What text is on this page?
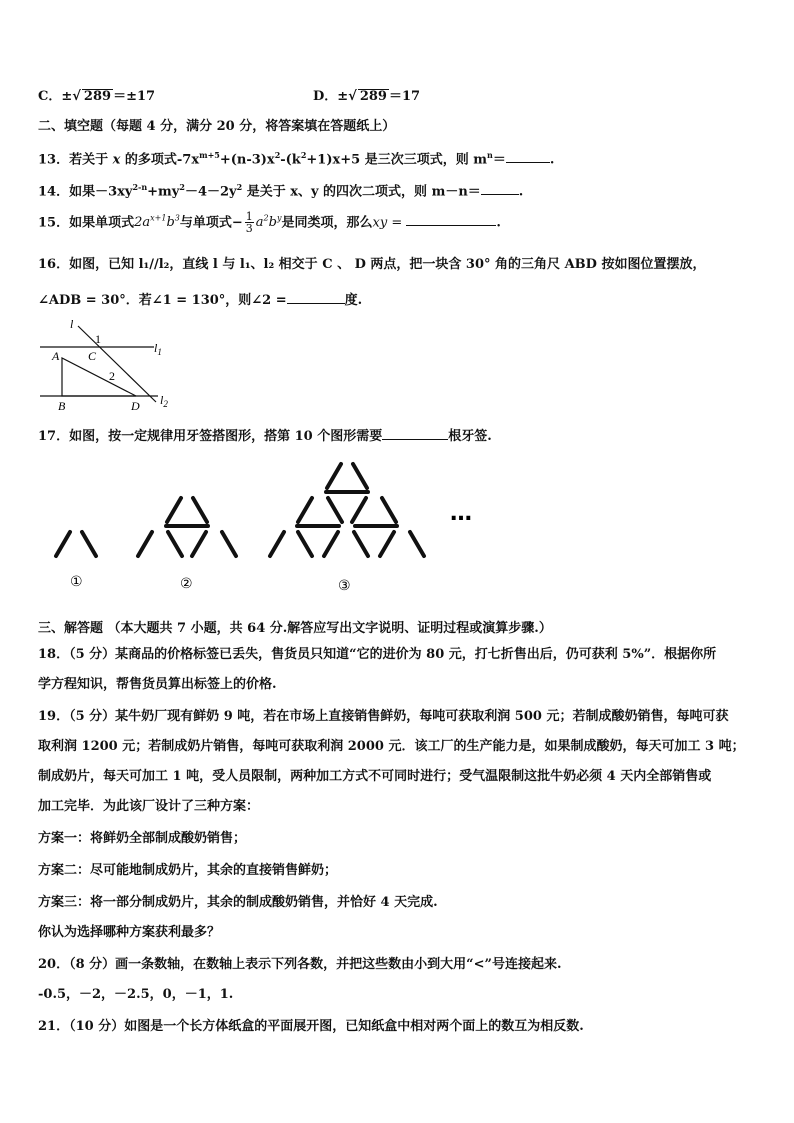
C．±√ 289 ＝±17	D．±√ 289 ＝17
二、填空题（每题 4 分，满分 20 分，将答案填在答题纸上）
13．若关于 x 的多项式$-7x^{m+5}+(n-3)x^2-(k^2+1)x+5$ 是三次三项式，则 $m^n=$	.
14．如果$-3xy^{2-n}+my^2-4-2y^2$ 是关于 x、y 的四次二项式，则 m－n＝	.
15．如果单项式$2a^{x+1}b^3$与单项式− $\frac{1}{3} a^2b^y$是同类项，那么xy =	.
16．如图，已知 l₁//l₂，直线 l 与 l₁、l₂ 相交于 C 、 D 两点，把一块含 30° 角的三角尺 ABD 按如图位置摆放，
∠ADB = 30°．若∠1 = 130°，则∠2 =	度.
l
1
C
$l_1$
A
2
B	D $l_2$
17．如图，按一定规律用牙签搭图形，搭第 10 个图形需要	根牙签.
…
①	②	③
三、解答题 （本大题共 7 小题，共 64 分.解答应写出文字说明、证明过程或演算步骤.）
18．（5 分）某商品的价格标签已丢失，售货员只知道“它的进价为 80 元，打七折售出后，仍可获利 5%”．根据你所
学方程知识，帮售货员算出标签上的价格.
19．（5 分）某牛奶厂现有鲜奶 9 吨，若在市场上直接销售鲜奶，每吨可获取利润 500 元；若制成酸奶销售，每吨可获
取利润 1200 元；若制成奶片销售，每吨可获取利润 2000 元．该工厂的生产能力是，如果制成酸奶，每天可加工 3 吨；
制成奶片，每天可加工 1 吨，受人员限制，两种加工方式不可同时进行；受气温限制这批牛奶必须 4 天内全部销售或
加工完毕．为此该厂设计了三种方案：
方案一：将鲜奶全部制成酸奶销售；
方案二：尽可能地制成奶片，其余的直接销售鲜奶；
方案三：将一部分制成奶片，其余的制成酸奶销售，并恰好 4 天完成.
你认为选择哪种方案获利最多？
20．（8 分）画一条数轴，在数轴上表示下列各数，并把这些数由小到大用“<”号连接起来.
-0.5，－2，－2.5，0，－1，1.
21．（10 分）如图是一个长方体纸盒的平面展开图，已知纸盒中相对两个面上的数互为相反数.
